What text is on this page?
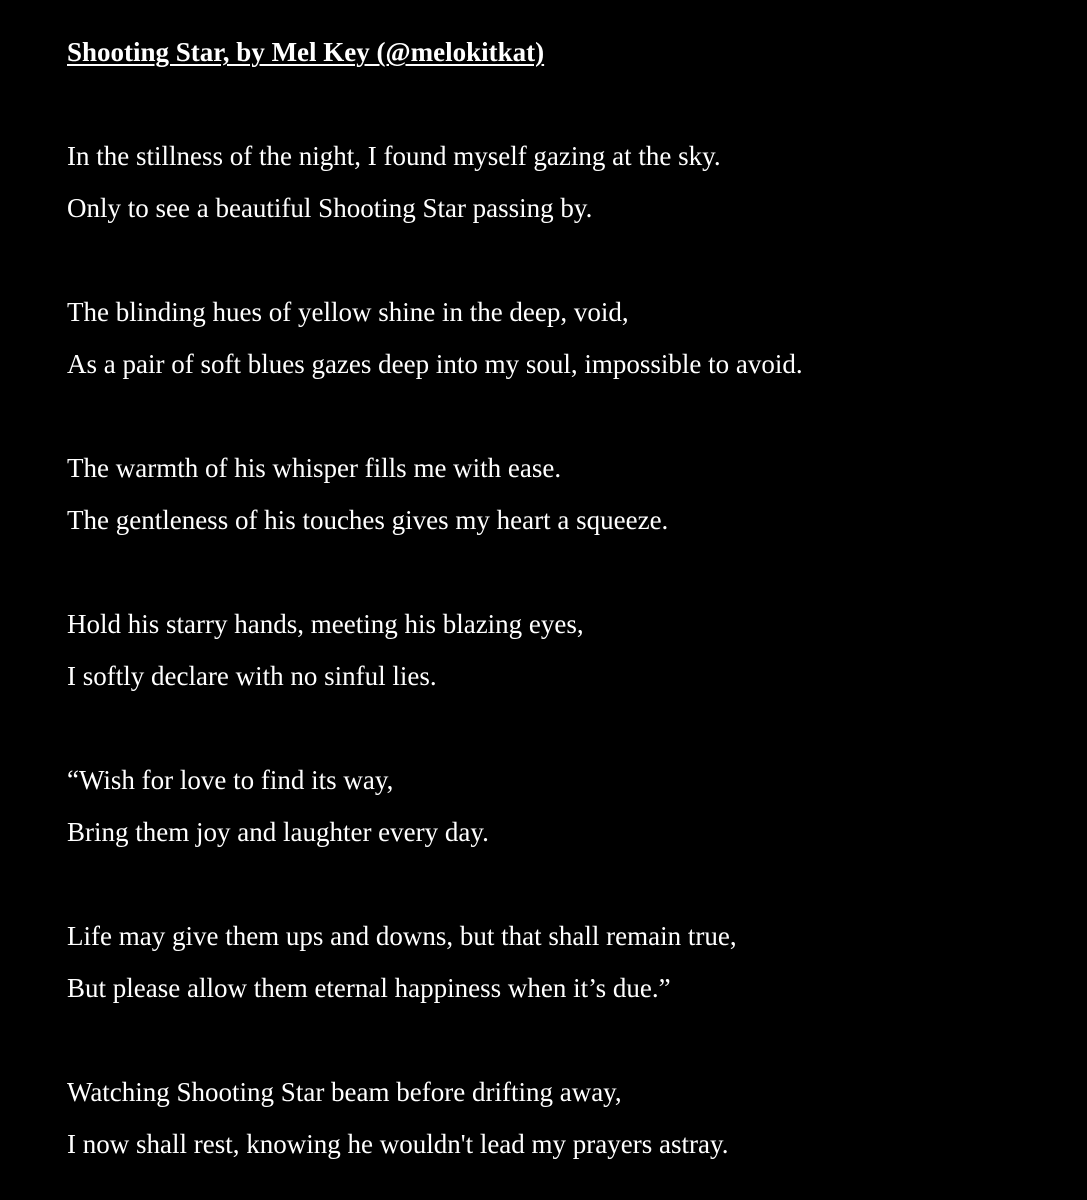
Shooting Star, by Mel Key (@melokitkat)
In the stillness of the night, I found myself gazing at the sky.
Only to see a beautiful Shooting Star passing by.
The blinding hues of yellow shine in the deep, void,
As a pair of soft blues gazes deep into my soul, impossible to avoid.
The warmth of his whisper fills me with ease.
The gentleness of his touches gives my heart a squeeze.
Hold his starry hands, meeting his blazing eyes,
I softly declare with no sinful lies.
“Wish for love to find its way,
Bring them joy and laughter every day.
Life may give them ups and downs, but that shall remain true,
But please allow them eternal happiness when it’s due.”
Watching Shooting Star beam before drifting away,
I now shall rest, knowing he wouldn't lead my prayers astray.
